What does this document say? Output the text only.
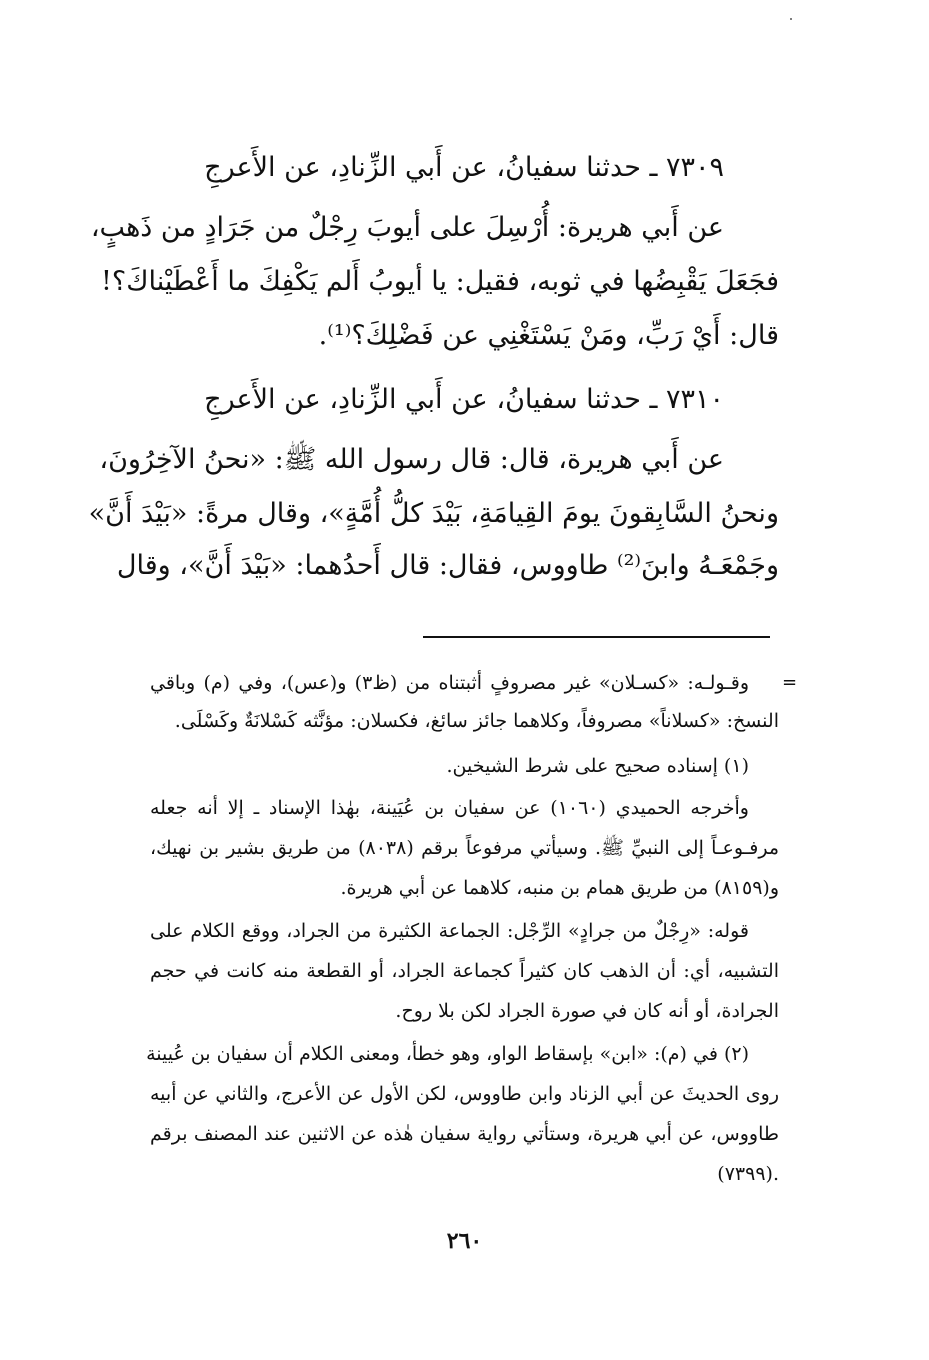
٧٣٠٩ ـ حدثنا سفيانُ، عن أَبي الزِّنادِ، عن الأَعرجِ
عن أَبي هريرة: أُرْسِلَ على أيوبَ رِجْلٌ من جَرَادٍ من ذَهبٍ،
فجَعَلَ يَقْبِضُها في ثوبه، فقيل: يا أيوبُ أَلم يَكْفِكَ ما أَعْطَيْناكَ؟!
قال: أَيْ رَبِّ، ومَنْ يَسْتَغْنِي عن فَضْلِكَ؟⁽¹⁾.
٧٣١٠ ـ حدثنا سفيانُ، عن أَبي الزِّنادِ، عن الأَعرجِ
عن أَبي هريرة، قال: قال رسول الله ﷺ: «نحنُ الآخِرُونَ،
ونحنُ السَّابِقونَ يومَ القِيامَةِ، بَيْدَ كلُّ أُمَّةٍ»، وقال مرةً: «بَيْدَ أَنَّ»
وجَمْعَـهُ وابنَ⁽²⁾ طاووس، فقال: قال أَحدُهما: «بَيْدَ أَنَّ»، وقال
=
وقـولـه: «كسـلان» غير مصروفٍ أثبتناه من (ظ٣) و(عس)، وفي (م) وباقي
النسخ: «كسلاناً» مصروفاً، وكلاهما جائز سائغ، فكسلان: مؤنَّثه كَسْلانَةٌ وكَسْلَى.
(١) إسناده صحيح على شرط الشيخين.
وأخرجه الحميدي (١٠٦٠) عن سفيان بن عُيَينة، بهٰذا الإسناد ـ إلا أنه جعله
مرفـوعـاً إلى النبيِّ ﷺ. وسيأتي مرفوعاً برقم (٨٠٣٨) من طريق بشير بن نهيك،
و(٨١٥٩) من طريق همام بن منبه، كلاهما عن أبي هريرة.
قوله: «رِجْلٌ من جرادٍ» الرِّجْل: الجماعة الكثيرة من الجراد، ووقع الكلام على
التشبيه، أي: أن الذهب كان كثيراً كجماعة الجراد، أو القطعة منه كانت في حجم
الجرادة، أو أنه كان في صورة الجراد لكن بلا روح.
(٢) في (م): «ابن» بإسقاط الواو، وهو خطأ، ومعنى الكلام أن سفيان بن عُيينة
روى الحديثَ عن أبي الزناد وابن طاووس، لكن الأول عن الأعرج، والثاني عن أبيه
طاووس، عن أبي هريرة، وستأتي رواية سفيان هٰذه عن الاثنين عند المصنف برقم
(٧٣٩٩).
٢٦٠
